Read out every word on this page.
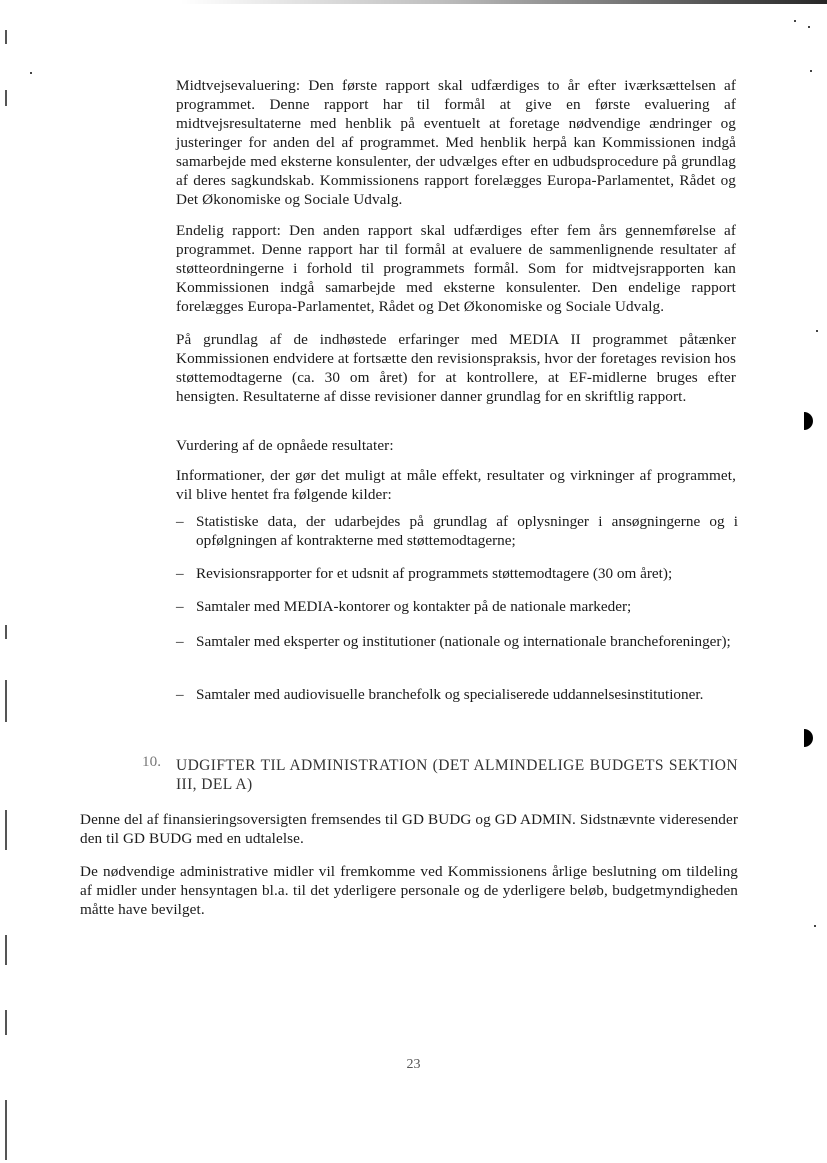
Midtvejsevaluering: Den første rapport skal udfærdiges to år efter iværksættelsen af programmet. Denne rapport har til formål at give en første evaluering af midtvejsresultaterne med henblik på eventuelt at foretage nødvendige ændringer og justeringer for anden del af programmet. Med henblik herpå kan Kommissionen indgå samarbejde med eksterne konsulenter, der udvælges efter en udbudsprocedure på grundlag af deres sagkundskab. Kommissionens rapport forelægges Europa-Parlamentet, Rådet og Det Økonomiske og Sociale Udvalg.

Endelig rapport: Den anden rapport skal udfærdiges efter fem års gennemførelse af programmet. Denne rapport har til formål at evaluere de sammenlignende resultater af støtteordningerne i forhold til programmets formål. Som for midtvejsrapporten kan Kommissionen indgå samarbejde med eksterne konsulenter. Den endelige rapport forelægges Europa-Parlamentet, Rådet og Det Økonomiske og Sociale Udvalg.

På grundlag af de indhøstede erfaringer med MEDIA II programmet påtænker Kommissionen endvidere at fortsætte den revisionspraksis, hvor der foretages revision hos støttemodtagerne (ca. 30 om året) for at kontrollere, at EF-midlerne bruges efter hensigten. Resultaterne af disse revisioner danner grundlag for en skriftlig rapport.

Vurdering af de opnåede resultater:

Informationer, der gør det muligt at måle effekt, resultater og virkninger af programmet, vil blive hentet fra følgende kilder:

– Statistiske data, der udarbejdes på grundlag af oplysninger i ansøgningerne og i opfølgningen af kontrakterne med støttemodtagerne;
– Revisionsrapporter for et udsnit af programmets støttemodtagere (30 om året);
– Samtaler med MEDIA-kontorer og kontakter på de nationale markeder;
– Samtaler med eksperter og institutioner (nationale og internationale brancheforeninger);
– Samtaler med audiovisuelle branchefolk og specialiserede uddannelsesinstitutioner.
10. UDGIFTER TIL ADMINISTRATION (DET ALMINDELIGE BUDGETS SEKTION III, DEL A)

Denne del af finansieringsoversigten fremsendes til GD BUDG og GD ADMIN. Sidstnævnte videresender den til GD BUDG med en udtalelse.

De nødvendige administrative midler vil fremkomme ved Kommissionens årlige beslutning om tildeling af midler under hensyntagen bl.a. til det yderligere personale og de yderligere beløb, budgetmyndigheden måtte have bevilget.

23
